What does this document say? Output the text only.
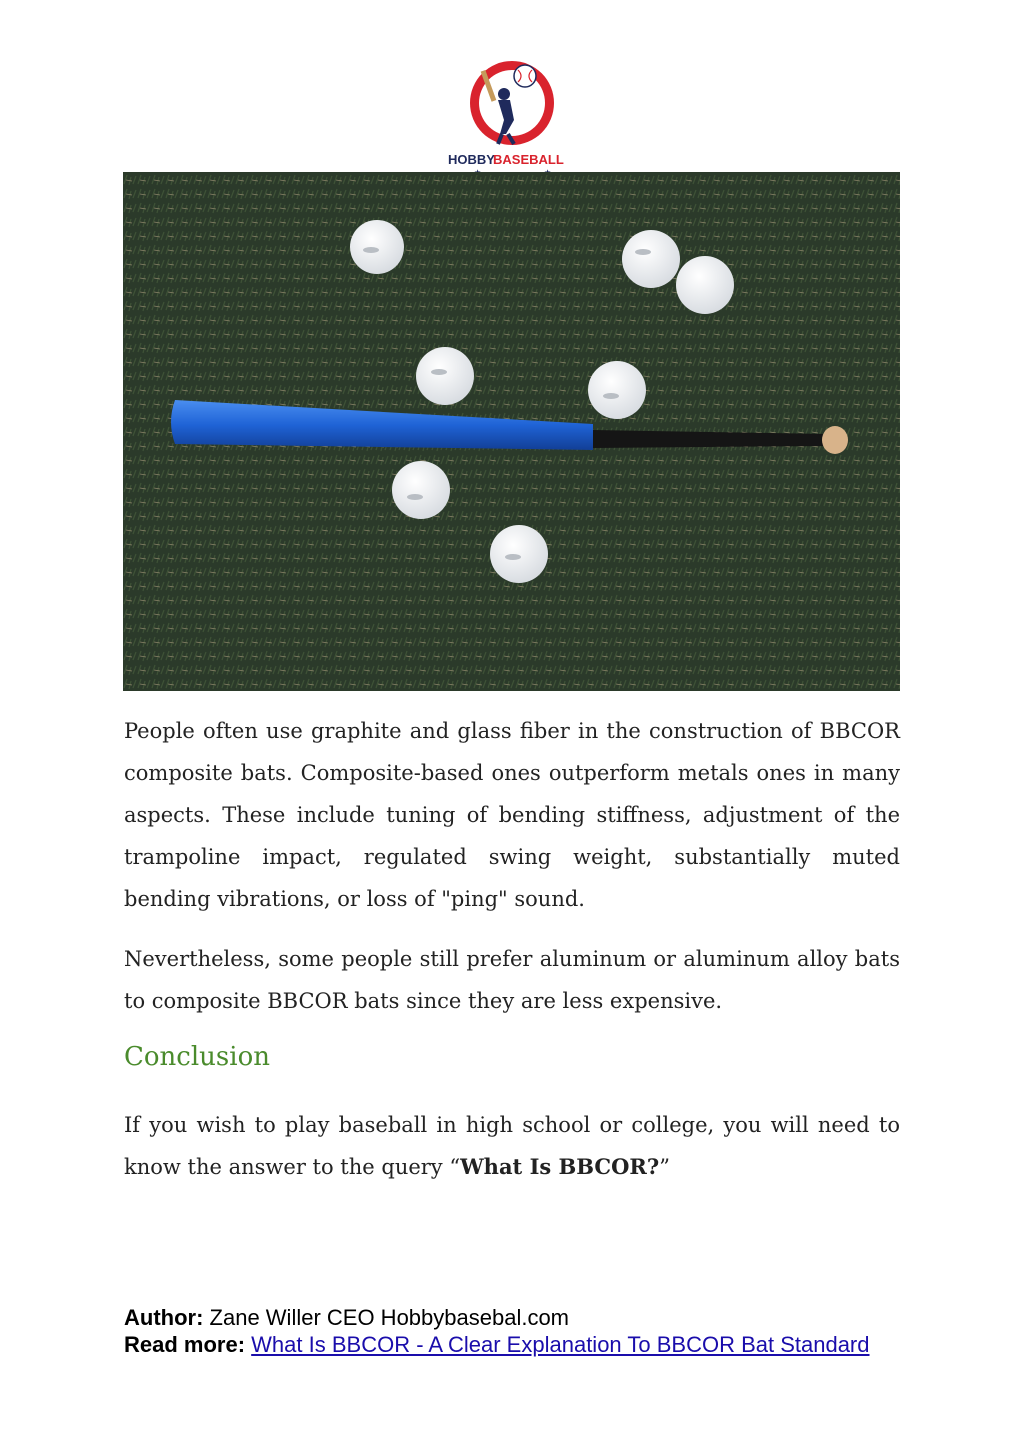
HOBBY
BASEBALL

People often use graphite and glass fiber in the construction of BBCOR composite bats. Composite-based ones outperform metals ones in many aspects. These include tuning of bending stiffness, adjustment of the trampoline impact, regulated swing weight, substantially muted bending vibrations, or loss of "ping" sound.

Nevertheless, some people still prefer aluminum or aluminum alloy bats to composite BBCOR bats since they are less expensive.

Conclusion

If you wish to play baseball in high school or college, you will need to know the answer to the query “What Is BBCOR?”

Author: Zane Willer CEO Hobbybasebal.com
Read more: What Is BBCOR - A Clear Explanation To BBCOR Bat Standard
